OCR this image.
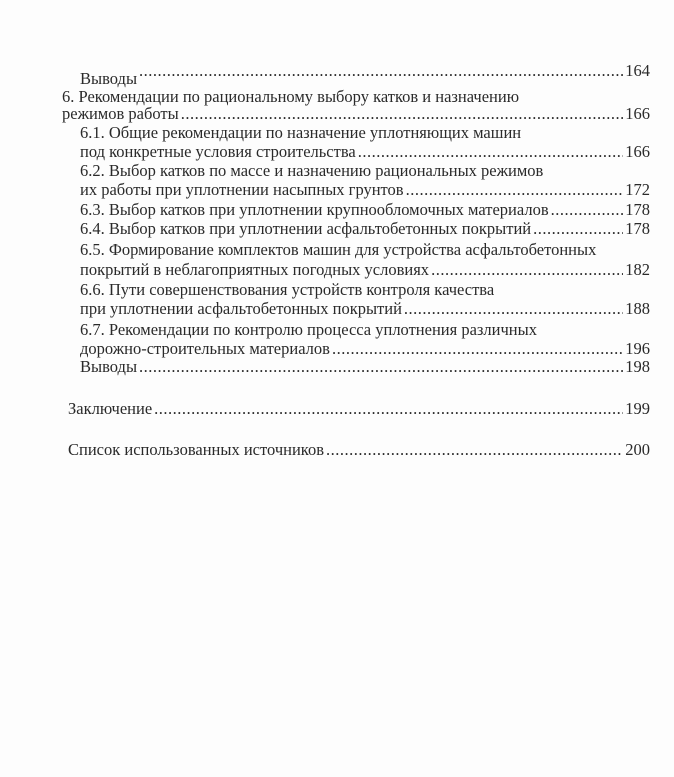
Выводы .....	164
6. Рекомендации по рациональному выбору катков и назначению
режимов работы .....	166
6.1. Общие рекомендации по назначение уплотняющих машин
под конкретные условия строительства .....	166
6.2. Выбор катков по массе и назначению рациональных режимов
их работы при уплотнении насыпных грунтов .....	172
6.3. Выбор катков при уплотнении крупнообломочных материалов .....	178
6.4. Выбор катков при уплотнении асфальтобетонных покрытий .....	178
6.5. Формирование комплектов машин для устройства асфальтобетонных
покрытий в неблагоприятных погодных условиях .....	182
6.6. Пути совершенствования устройств контроля качества
при уплотнении асфальтобетонных покрытий .....	188
6.7. Рекомендации по контролю процесса уплотнения различных
дорожно-строительных материалов .....	196
Выводы .....	198
Заключение .....	199
Список использованных источников .....	200
